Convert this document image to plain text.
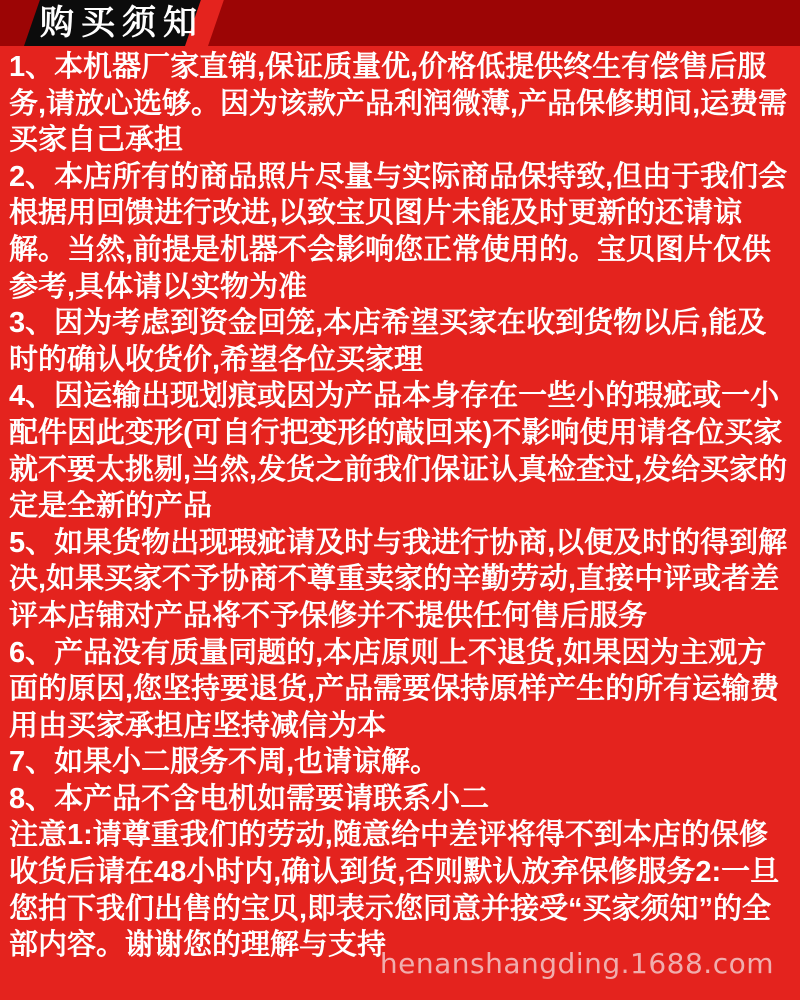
购买须知

1、本机器厂家直销,保证质量优,价格低提供终生有偿售后服务,请放心选够。因为该款产品利润微薄,产品保修期间,运费需买家自己承担

2、本店所有的商品照片尽量与实际商品保持致,但由于我们会根据用回馈进行改进,以致宝贝图片未能及时更新的还请谅解。当然,前提是机器不会影响您正常使用的。宝贝图片仅供参考,具体请以实物为准

3、因为考虑到资金回笼,本店希望买家在收到货物以后,能及时的确认收货价,希望各位买家理

4、因运输出现划痕或因为产品本身存在一些小的瑕疵或一小配件因此变形(可自行把变形的敲回来)不影响使用请各位买家就不要太挑剔,当然,发货之前我们保证认真检查过,发给买家的定是全新的产品

5、如果货物出现瑕疵请及时与我进行协商,以便及时的得到解决,如果买家不予协商不尊重卖家的辛勤劳动,直接中评或者差评本店铺对产品将不予保修并不提供任何售后服务

6、产品没有质量同题的,本店原则上不退货,如果因为主观方面的原因,您坚持要退货,产品需要保持原样产生的所有运输费用由买家承担店坚持减信为本

7、如果小二服务不周,也请谅解。

8、本产品不含电机如需要请联系小二

注意1:请尊重我们的劳动,随意给中差评将得不到本店的保修收货后请在48小时内,确认到货,否则默认放弃保修服务2:一旦您拍下我们出售的宝贝,即表示您同意并接受“买家须知”的全部内容。谢谢您的理解与支持

henanshangding.1688.com
